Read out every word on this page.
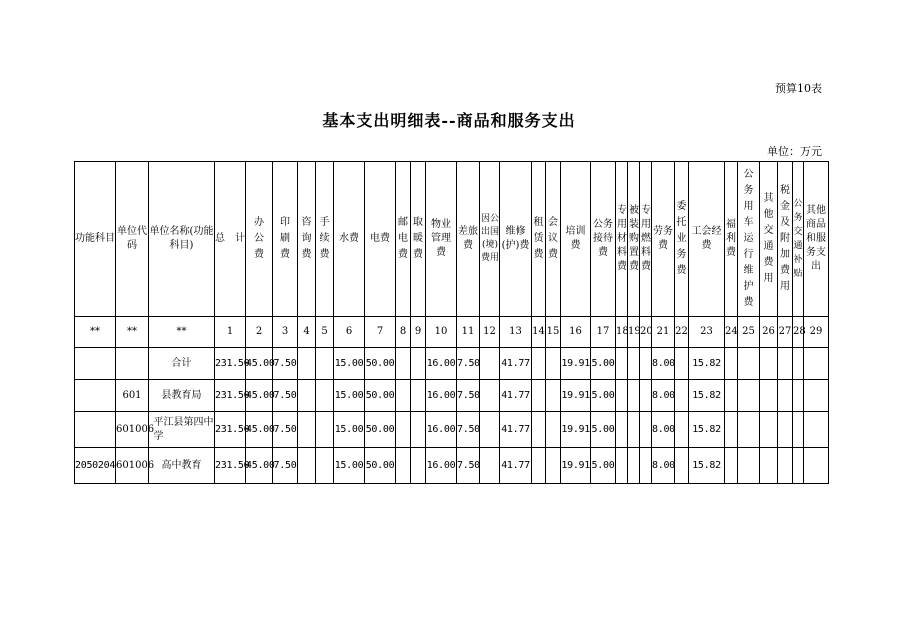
预算10表
基本支出明细表--商品和服务支出
单位：万元
功能科目	单位代码	单位名称(功能科目)	总　计	办公费	印刷费	咨询费	手续费	水费	电费	邮电费	取暖费	物业管理费	差旅费	因公出国(境)费用	维修(护)费	租赁费	会议费	培训费	公务接待费	专用材料费	被装购置费	专用燃料费	劳务费	委托业务费	工会经费	福利费	公务用车运行维护费	其他交通费用	税金及附加费用	公务交通补贴	其他商品和服务支出
**	**	**	1	2	3	4	5	6	7	8	9	10	11	12	13	14	15	16	17	18	19	20	21	22	23	24	25	26	27	28	29
		合计	231.50	45.00	7.50			15.00	50.00			16.00	7.50		41.77			19.91	5.00				8.00		15.82						
	601	县教育局	231.50	45.00	7.50			15.00	50.00			16.00	7.50		41.77			19.91	5.00				8.00		15.82						
	601006	平江县第四中学	231.50	45.00	7.50			15.00	50.00			16.00	7.50		41.77			19.91	5.00				8.00		15.82						
2050204	601006	高中教育	231.50	45.00	7.50			15.00	50.00			16.00	7.50		41.77			19.91	5.00				8.00		15.82						
